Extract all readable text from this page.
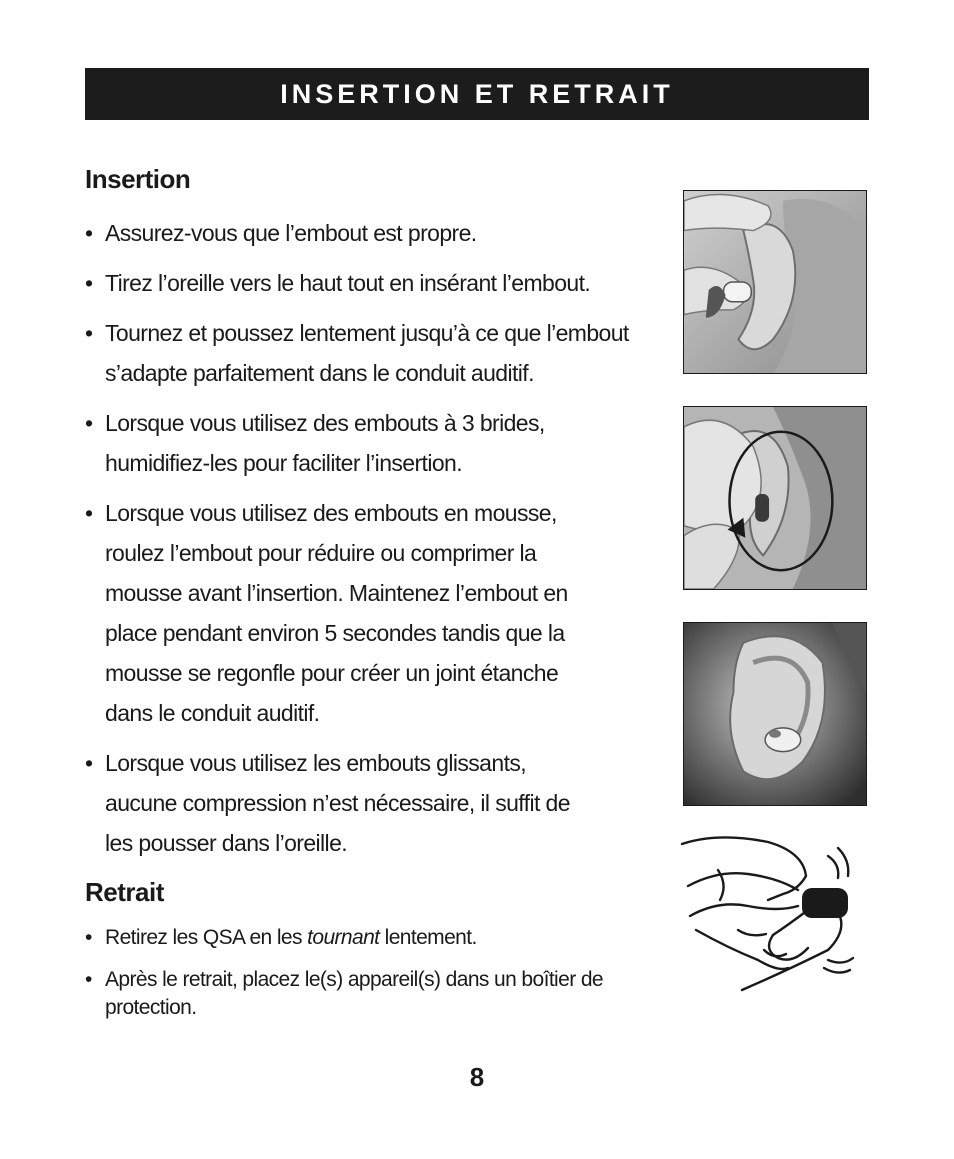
INSERTION ET RETRAIT
Insertion
• Assurez-vous que l’embout est propre.
• Tirez l’oreille vers le haut tout en insérant l’embout.
• Tournez et poussez lentement jusqu’à ce que l’embout s’adapte parfaitement dans le conduit auditif.
• Lorsque vous utilisez des embouts à 3 brides, humidifiez-les pour faciliter l’insertion.
• Lorsque vous utilisez des embouts en mousse, roulez l’embout pour réduire ou comprimer la mousse avant l’insertion. Maintenez l’embout en place pendant environ 5 secondes tandis que la mousse se regonfle pour créer un joint étanche dans le conduit auditif.
• Lorsque vous utilisez les embouts glissants, aucune compression n’est nécessaire, il suffit de les pousser dans l’oreille.
Retrait
• Retirez les QSA en les tournant lentement.
• Après le retrait, placez le(s) appareil(s) dans un boîtier de protection.
8
